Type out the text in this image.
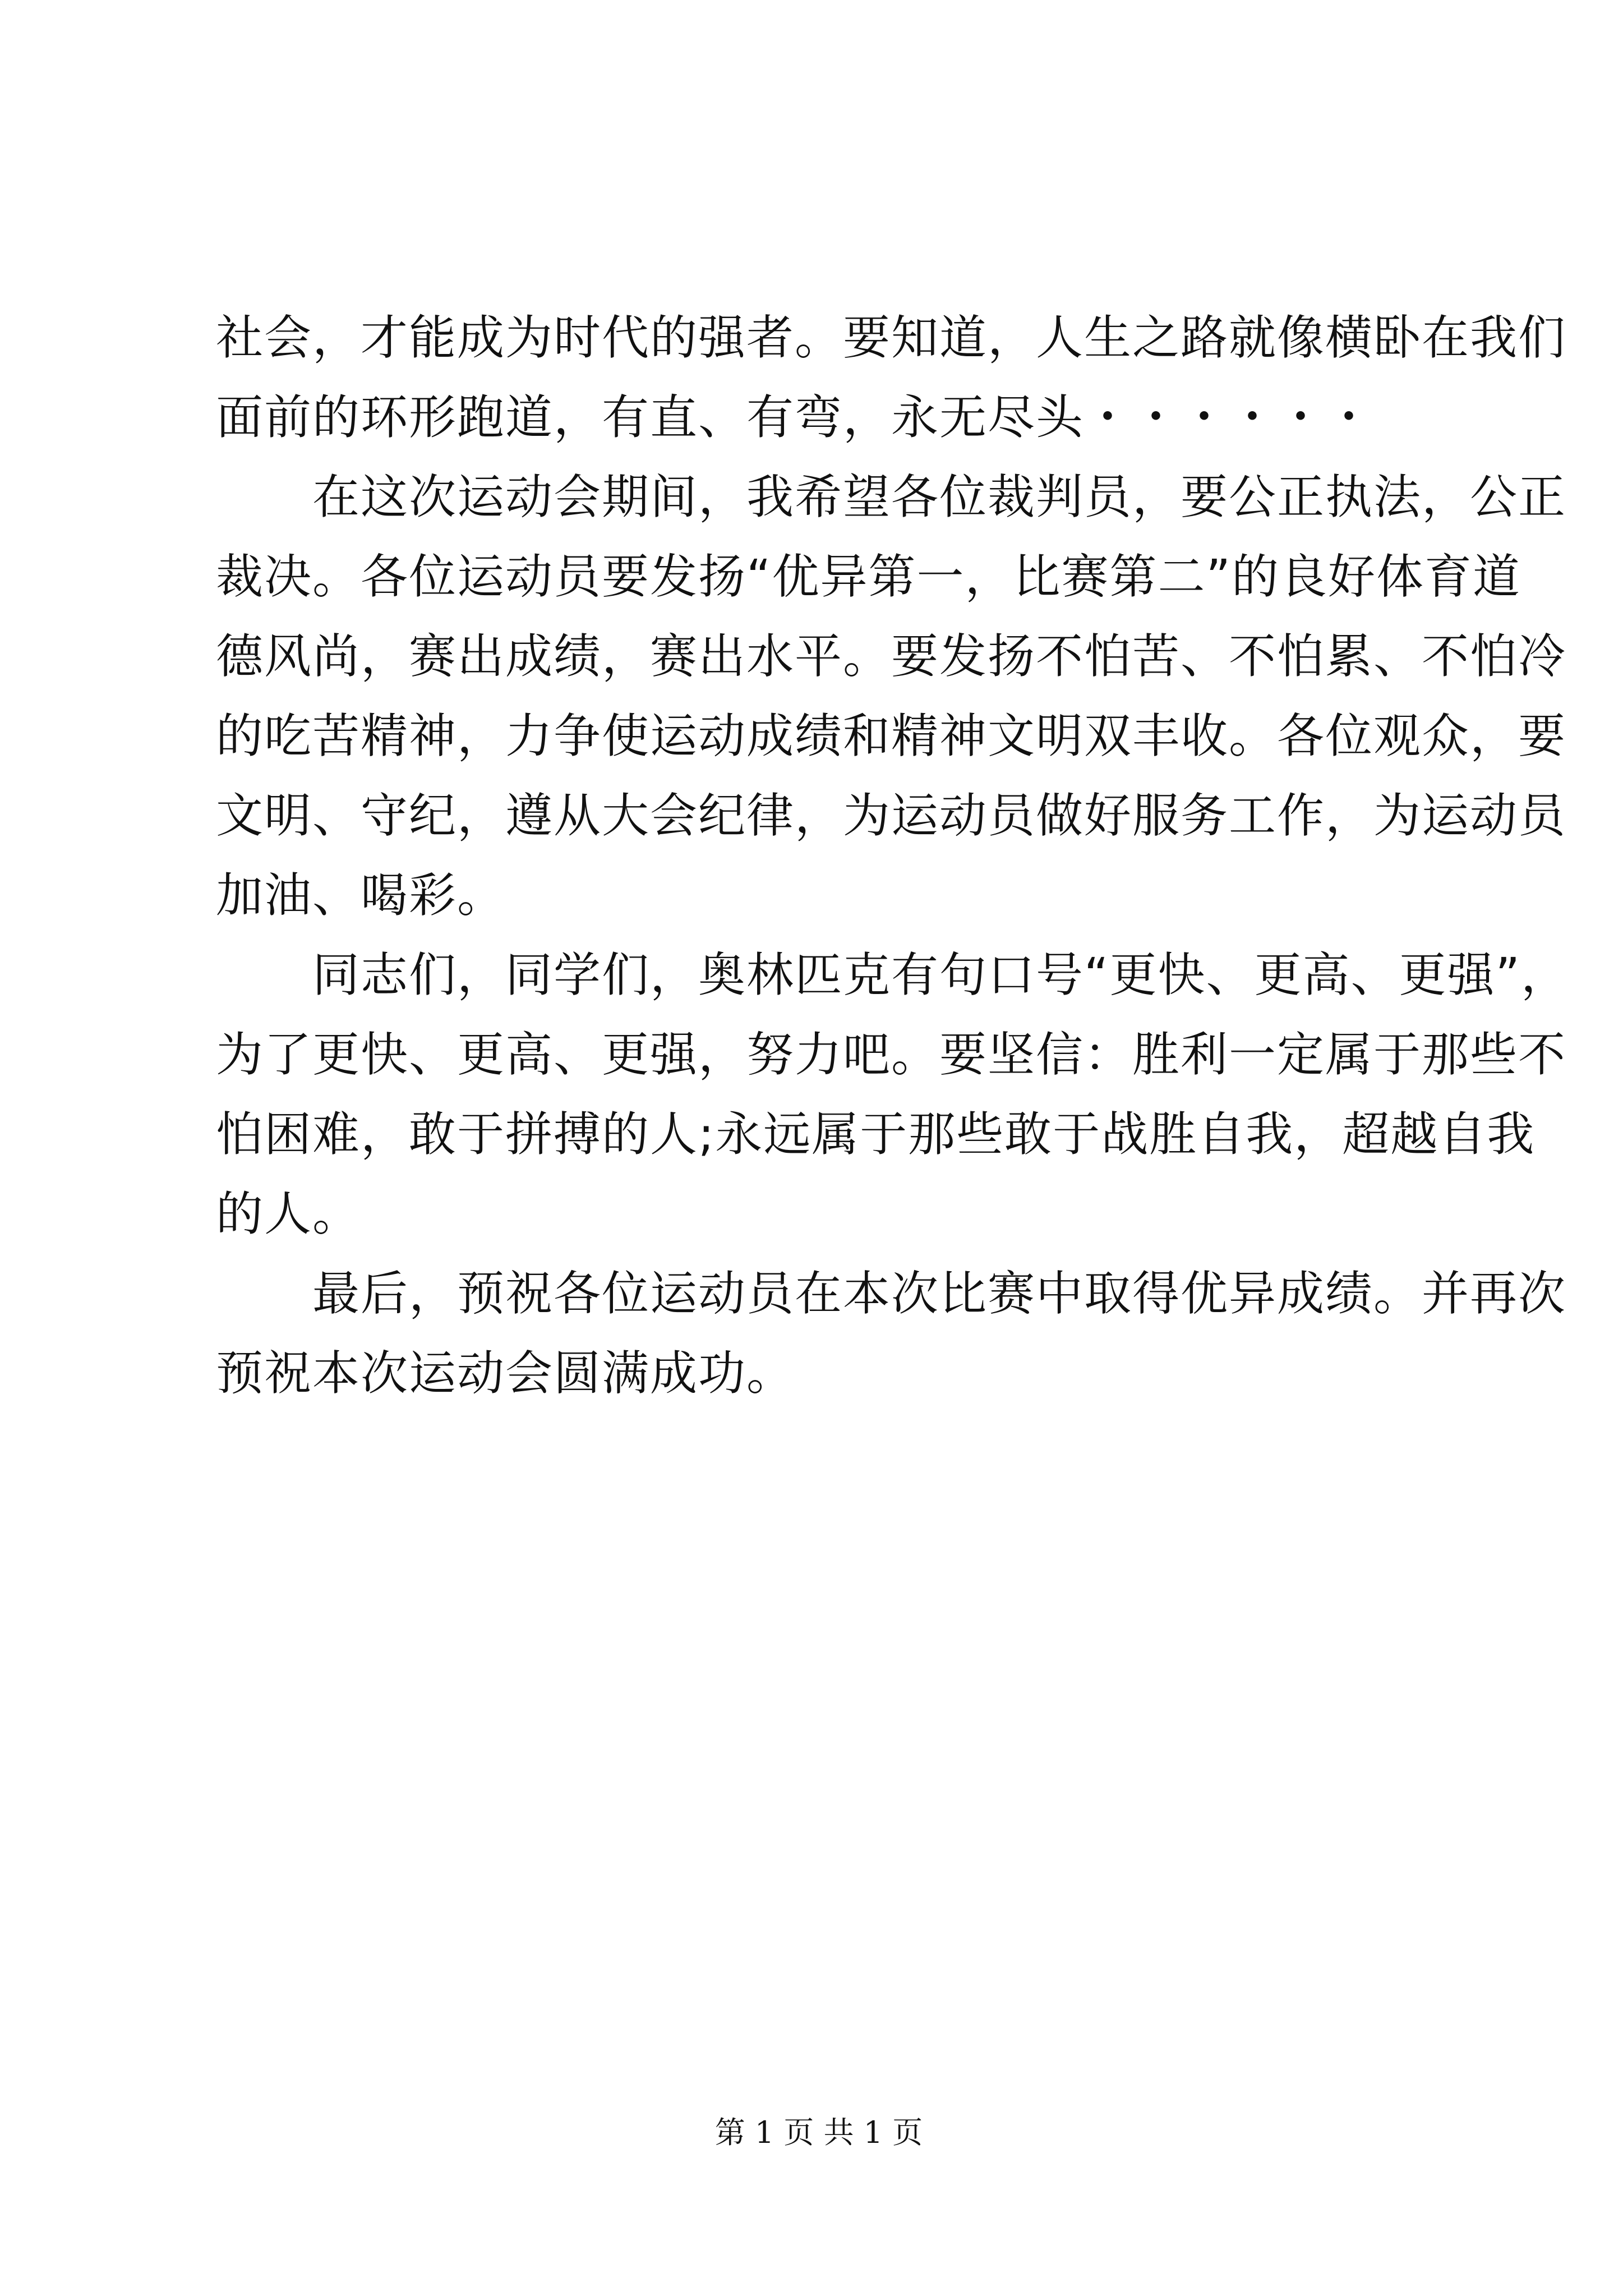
社会，才能成为时代的强者。要知道，人生之路就像横卧在我们
面前的环形跑道，有直、有弯，永无尽头・・・・・・
　　在这次运动会期间，我希望各位裁判员，要公正执法，公正
裁决。各位运动员要发扬“优异第一，比赛第二”的良好体育道
德风尚，赛出成绩，赛出水平。要发扬不怕苦、不怕累、不怕冷
的吃苦精神，力争使运动成绩和精神文明双丰收。各位观众，要
文明、守纪，遵从大会纪律，为运动员做好服务工作，为运动员
加油、喝彩。
　　同志们，同学们，奥林匹克有句口号“更快、更高、更强”，
为了更快、更高、更强，努力吧。要坚信：胜利一定属于那些不
怕困难，敢于拼搏的人;永远属于那些敢于战胜自我，超越自我
的人。
　　最后，预祝各位运动员在本次比赛中取得优异成绩。并再次
预祝本次运动会圆满成功。
第 1 页 共 1 页
